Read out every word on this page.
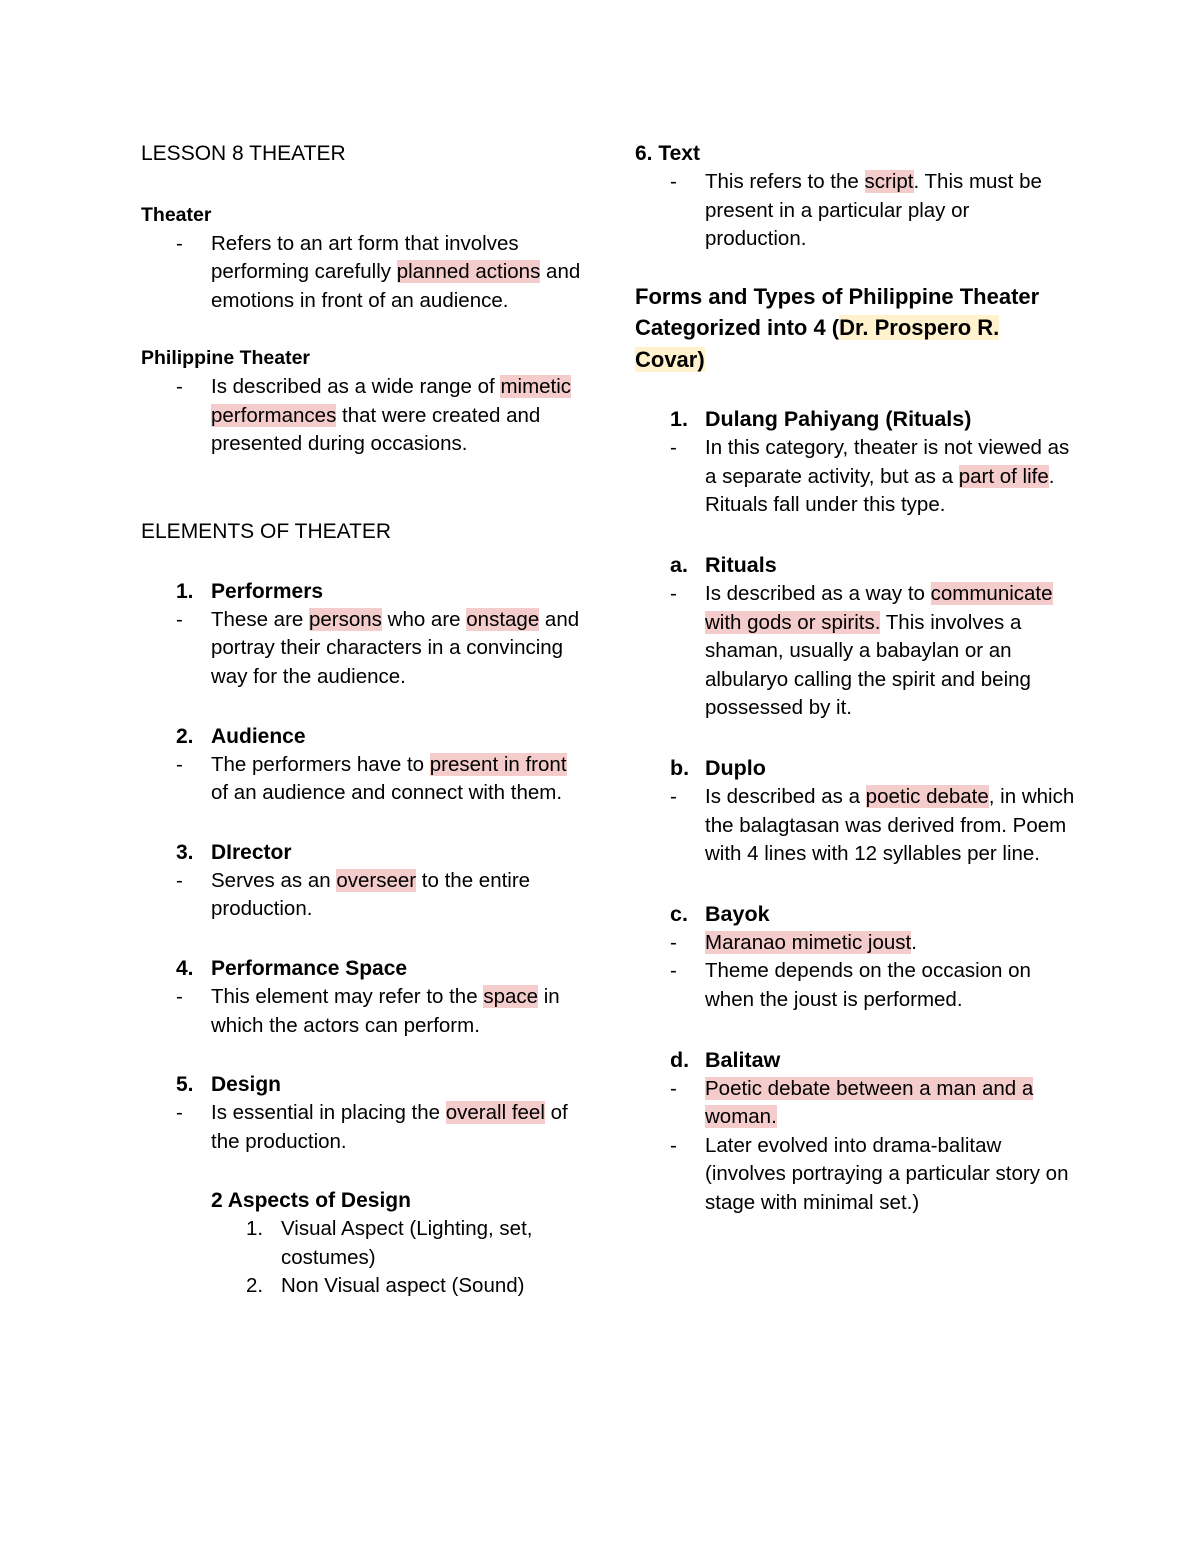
LESSON 8 THEATER
Theater
- Refers to an art form that involves performing carefully planned actions and emotions in front of an audience.
Philippine Theater
- Is described as a wide range of mimetic performances that were created and presented during occasions.
ELEMENTS OF THEATER
1. Performers
- These are persons who are onstage and portray their characters in a convincing way for the audience.
2. Audience
- The performers have to present in front of an audience and connect with them.
3. DIrector
- Serves as an overseer to the entire production.
4. Performance Space
- This element may refer to the space in which the actors can perform.
5. Design
- Is essential in placing the overall feel of the production.
2 Aspects of Design
1. Visual Aspect (Lighting, set, costumes)
2. Non Visual aspect (Sound)
6. Text
- This refers to the script. This must be present in a particular play or production.
Forms and Types of Philippine Theater
Categorized into 4 (Dr. Prospero R. Covar)
1. Dulang Pahiyang (Rituals)
- In this category, theater is not viewed as a separate activity, but as a part of life. Rituals fall under this type.
a. Rituals
- Is described as a way to communicate with gods or spirits. This involves a shaman, usually a babaylan or an albularyo calling the spirit and being possessed by it.
b. Duplo
- Is described as a poetic debate, in which the balagtasan was derived from. Poem with 4 lines with 12 syllables per line.
c. Bayok
- Maranao mimetic joust.
- Theme depends on the occasion on when the joust is performed.
d. Balitaw
- Poetic debate between a man and a woman.
- Later evolved into drama-balitaw (involves portraying a particular story on stage with minimal set.)
